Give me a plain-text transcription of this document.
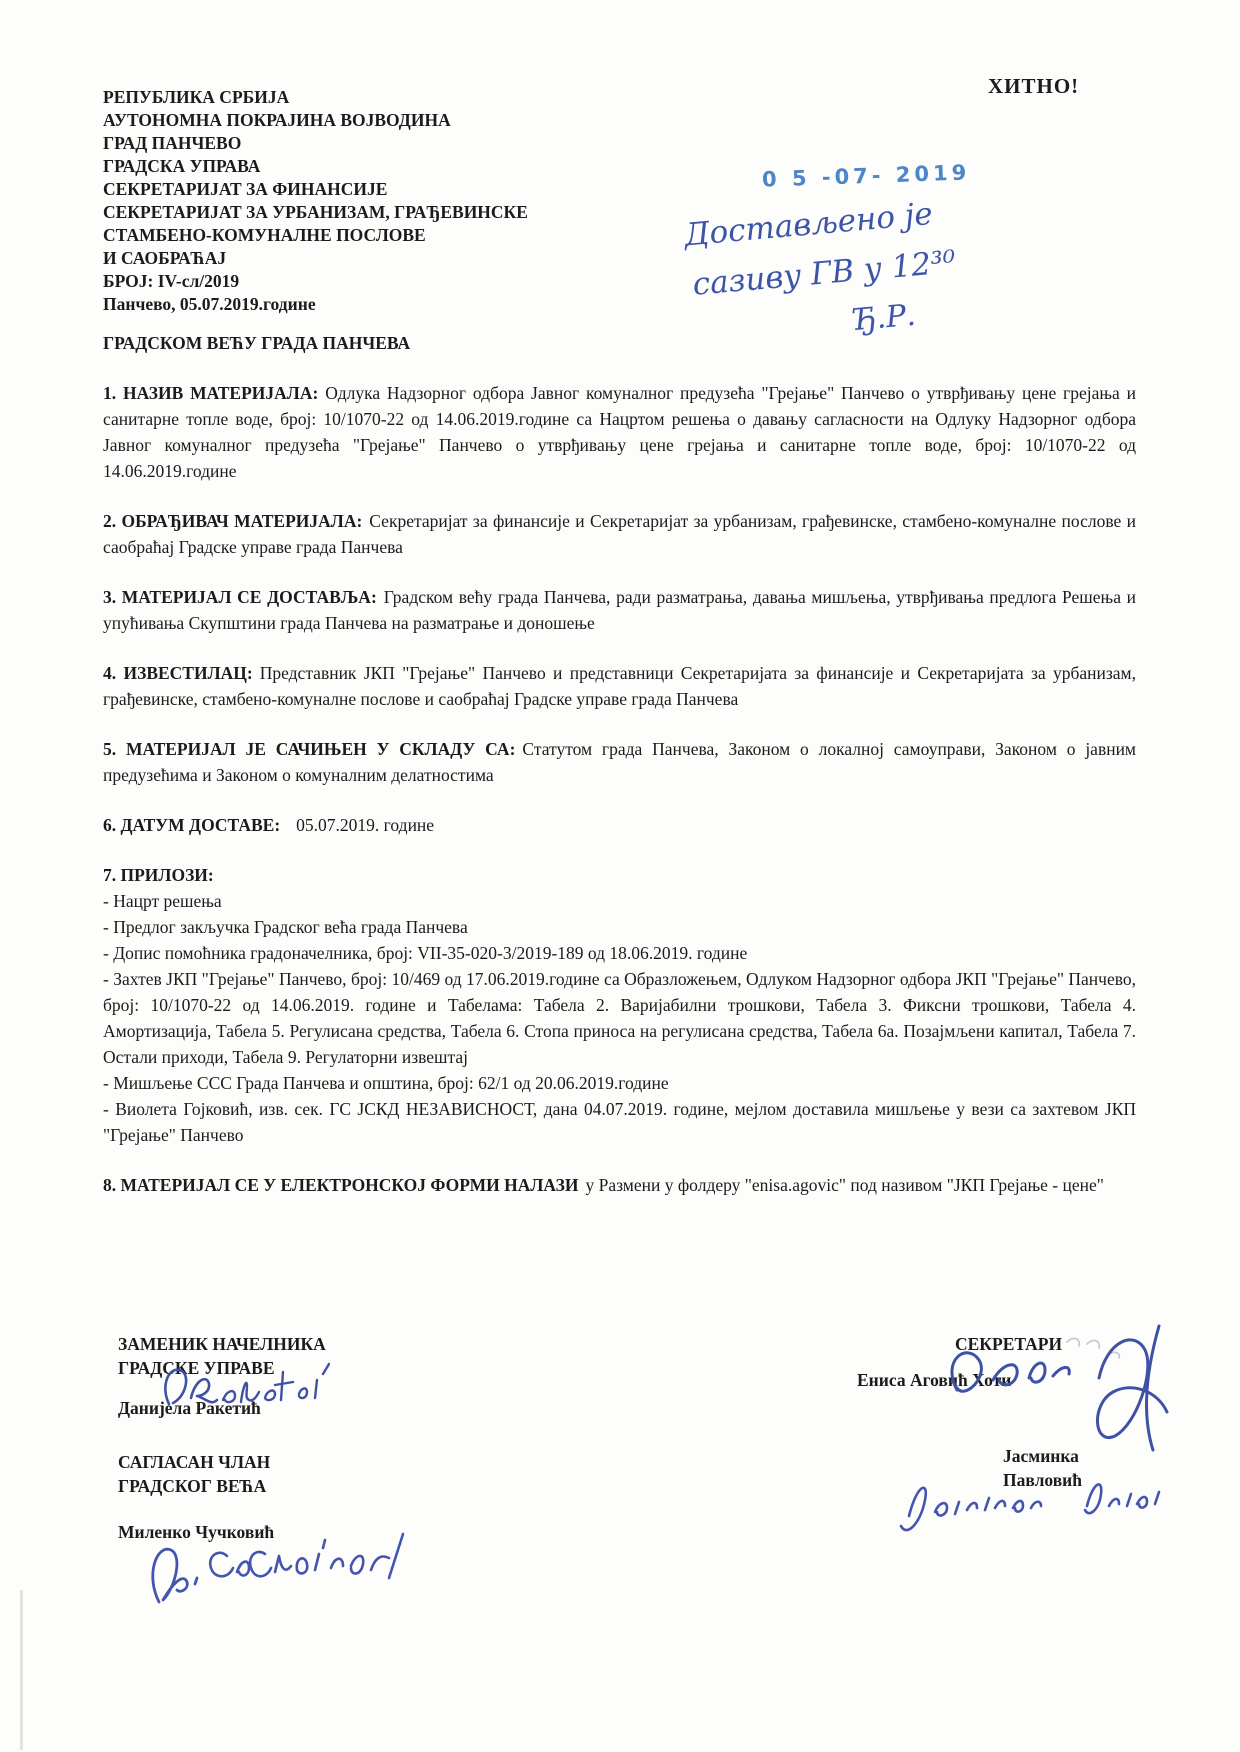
ХИТНО!
РЕПУБЛИКА СРБИЈА
АУТОНОМНА ПОКРАЈИНА ВОЈВОДИНА
ГРАД ПАНЧЕВО
ГРАДСКА УПРАВА
СЕКРЕТАРИЈАТ ЗА ФИНАНСИЈЕ
СЕКРЕТАРИЈАТ ЗА УРБАНИЗАМ, ГРАЂЕВИНСКЕ
СТАМБЕНО-КОМУНАЛНЕ ПОСЛОВЕ
И САОБРАЋАЈ
БРОЈ: IV-сл/2019
Панчево, 05.07.2019.године
0 5 -07- 2019
Достављено је
сазиву ГВ у 12³⁰
Ђ.Р.
ГРАДСКОМ ВЕЋУ ГРАДА ПАНЧЕВА

1. НАЗИВ МАТЕРИЈАЛА: Одлука Надзорног одбора Јавног комуналног предузећа "Грејање" Панчево о утврђивању цене грејања и санитарне топле воде, број: 10/1070-22 од 14.06.2019.године са Нацртом решења о давању сагласности на Одлуку Надзорног одбора Јавног комуналног предузећа "Грејање" Панчево о утврђивању цене грејања и санитарне топле воде, број: 10/1070-22 од 14.06.2019.године

2. ОБРАЂИВАЧ МАТЕРИЈАЛА: Секретаријат за финансије и Секретаријат за урбанизам, грађевинске, стамбено-комуналне послове и саобраћај Градске управе града Панчева

3. МАТЕРИЈАЛ СЕ ДОСТАВЉА: Градском већу града Панчева, ради разматрања, давања мишљења, утврђивања предлога Решења и упућивања Скупштини града Панчева на разматрање и доношење

4. ИЗВЕСТИЛАЦ: Представник ЈКП "Грејање" Панчево и представници Секретаријата за финансије и Секретаријата за урбанизам, грађевинске, стамбено-комуналне послове и саобраћај Градске управе града Панчева

5. МАТЕРИЈАЛ ЈЕ САЧИЊЕН У СКЛАДУ СА: Статутом града Панчева, Законом о локалној самоуправи, Законом о јавним предузећима и Законом о комуналним делатностима

6. ДАТУМ ДОСТАВЕ: 05.07.2019. године

7. ПРИЛОЗИ:
- Нацрт решења
- Предлог закључка Градског већа града Панчева
- Допис помоћника градоначелника, број: VII-35-020-3/2019-189 од 18.06.2019. године
- Захтев ЈКП "Грејање" Панчево, број: 10/469 од 17.06.2019.године са Образложењем, Одлуком Надзорног одбора ЈКП "Грејање" Панчево, број: 10/1070-22 од 14.06.2019. године и Табелама: Табела 2. Варијабилни трошкови, Табела 3. Фиксни трошкови, Табела 4. Амортизација, Табела 5. Регулисана средства, Табела 6. Стопа приноса на регулисана средства, Табела 6а. Позајмљени капитал, Табела 7. Остали приходи, Табела 9. Регулаторни извештај
- Мишљење ССС Града Панчева и општина, број: 62/1 од 20.06.2019.године
- Виолета Гојковић, изв. сек. ГС ЈСКД НЕЗАВИСНОСТ, дана 04.07.2019. године, мејлом доставила мишљење у вези са захтевом ЈКП "Грејање" Панчево

8. МАТЕРИЈАЛ СЕ У ЕЛЕКТРОНСКОЈ ФОРМИ НАЛАЗИ у Размени у фолдеру "enisa.agovic" под називом "ЈКП Грејање - цене"

ЗАМЕНИК НАЧЕЛНИКА
ГРАДСКЕ УПРАВЕ
Данијела Ракетић
САГЛАСАН ЧЛАН
ГРАДСКОГ ВЕЋА
Миленко Чучковић
СЕКРЕТАРИ
Ениса Аговић Хоти
Јасминка Павловић
